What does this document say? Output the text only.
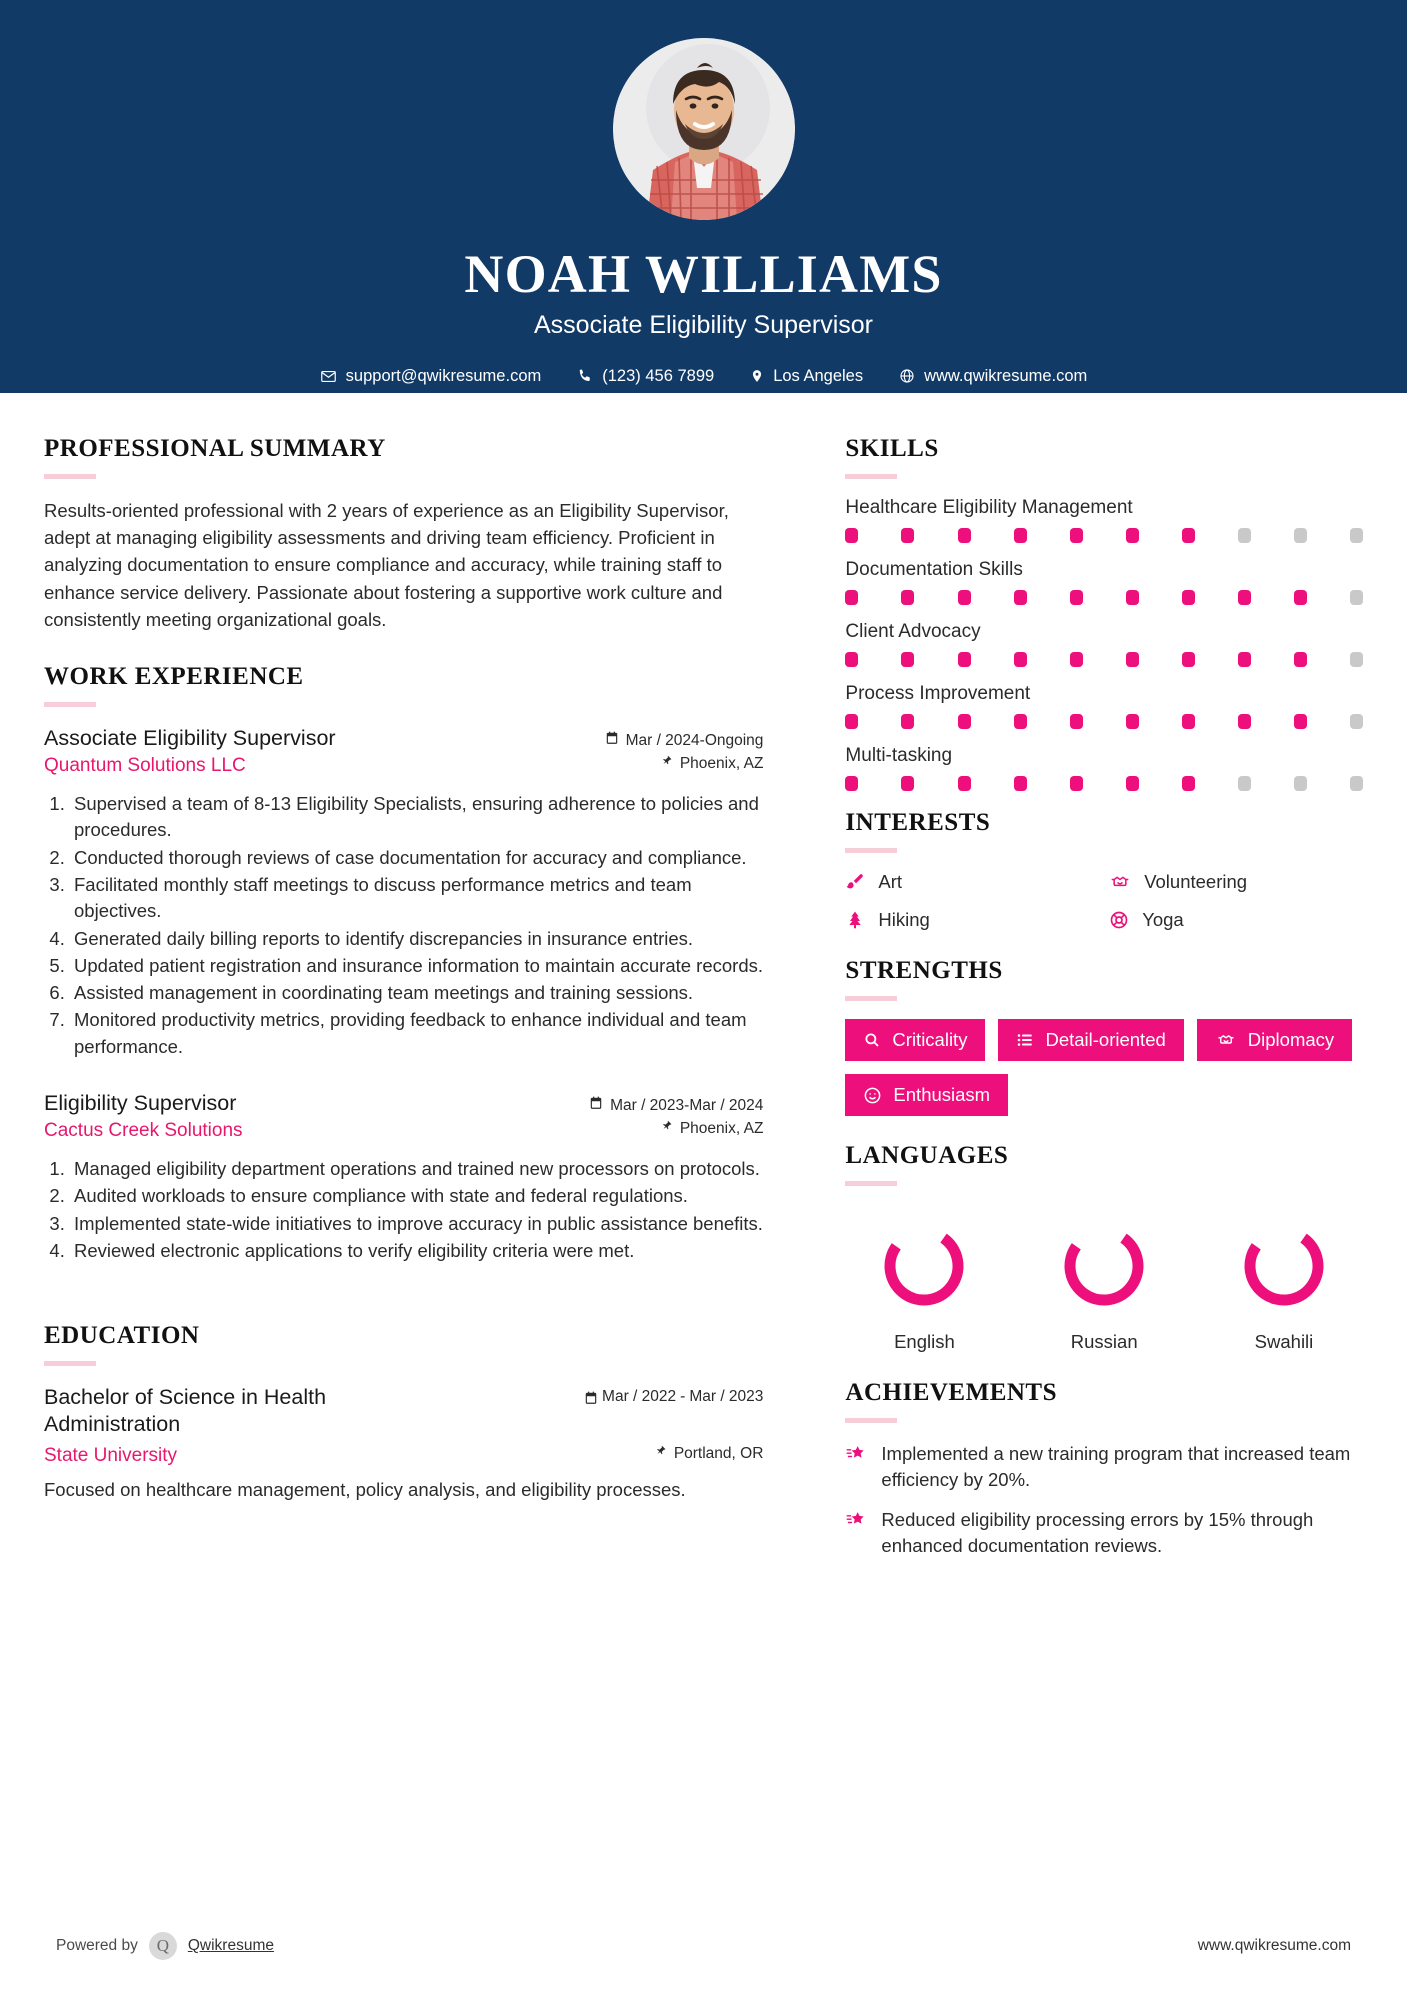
NOAH WILLIAMS
Associate Eligibility Supervisor
support@qwikresume.com	(123) 456 7899	Los Angeles	www.qwikresume.com
PROFESSIONAL SUMMARY
Results-oriented professional with 2 years of experience as an Eligibility Supervisor, adept at managing eligibility assessments and driving team efficiency. Proficient in analyzing documentation to ensure compliance and accuracy, while training staff to enhance service delivery. Passionate about fostering a supportive work culture and consistently meeting organizational goals.
WORK EXPERIENCE
Associate Eligibility Supervisor	Mar / 2024-Ongoing
Quantum Solutions LLC	Phoenix, AZ
1. Supervised a team of 8-13 Eligibility Specialists, ensuring adherence to policies and procedures.
2. Conducted thorough reviews of case documentation for accuracy and compliance.
3. Facilitated monthly staff meetings to discuss performance metrics and team objectives.
4. Generated daily billing reports to identify discrepancies in insurance entries.
5. Updated patient registration and insurance information to maintain accurate records.
6. Assisted management in coordinating team meetings and training sessions.
7. Monitored productivity metrics, providing feedback to enhance individual and team performance.
Eligibility Supervisor	Mar / 2023-Mar / 2024
Cactus Creek Solutions	Phoenix, AZ
1. Managed eligibility department operations and trained new processors on protocols.
2. Audited workloads to ensure compliance with state and federal regulations.
3. Implemented state-wide initiatives to improve accuracy in public assistance benefits.
4. Reviewed electronic applications to verify eligibility criteria were met.
EDUCATION
Bachelor of Science in Health Administration
Mar / 2022 - Mar / 2023
State University	Portland, OR
Focused on healthcare management, policy analysis, and eligibility processes.
SKILLS
Healthcare Eligibility Management
Documentation Skills
Client Advocacy
Process Improvement
Multi-tasking
INTERESTS
Art	Volunteering
Hiking	Yoga
STRENGTHS
Criticality	Detail-oriented	Diplomacy
Enthusiasm
LANGUAGES
English	Russian	Swahili
ACHIEVEMENTS
Implemented a new training program that increased team efficiency by 20%.
Reduced eligibility processing errors by 15% through enhanced documentation reviews.
Powered by	Q	Qwikresume	www.qwikresume.com
